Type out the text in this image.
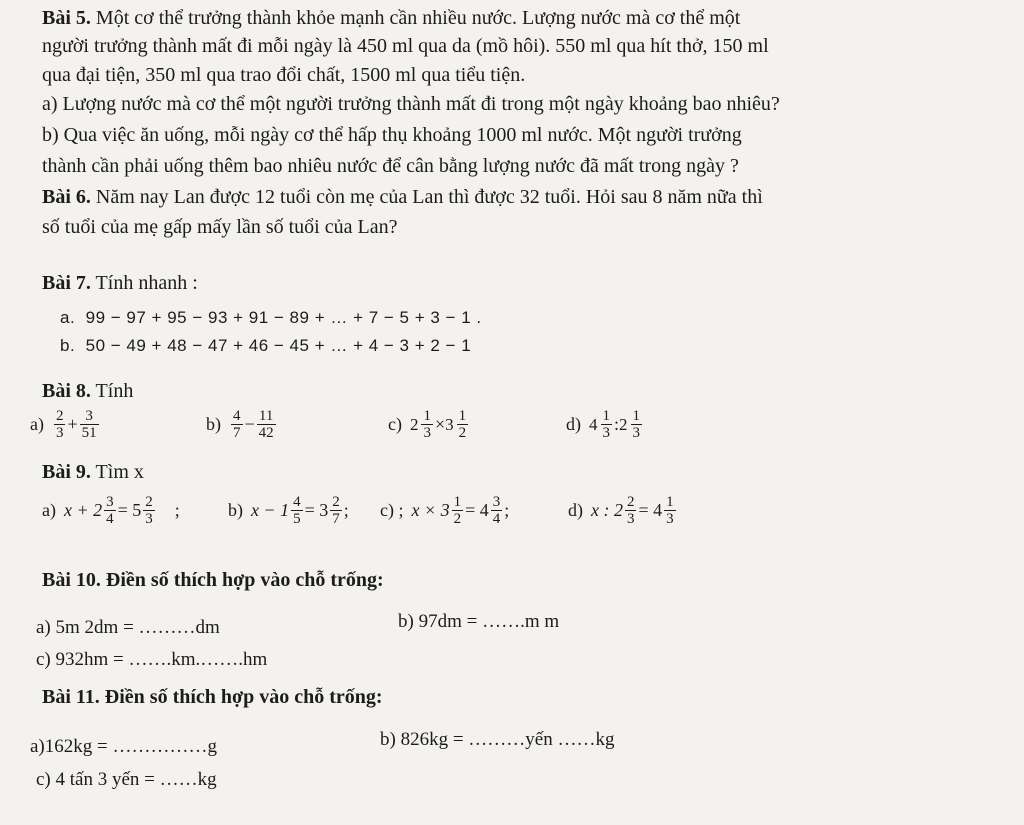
Bài 5. Một cơ thể trưởng thành khỏe mạnh cần nhiều nước. Lượng nước mà cơ thể một
người trưởng thành mất đi mỗi ngày là 450 ml qua da (mồ hôi). 550 ml qua hít thở, 150 ml
qua đại tiện, 350 ml qua trao đổi chất, 1500 ml qua tiểu tiện.
a) Lượng nước mà cơ thể một người trưởng thành mất đi trong một ngày khoảng bao nhiêu?
b) Qua việc ăn uống, mỗi ngày cơ thể hấp thụ khoảng 1000 ml nước. Một người trưởng
thành cần phải uống thêm bao nhiêu nước để cân bằng lượng nước đã mất trong ngày ?
Bài 6. Năm nay Lan được 12 tuổi còn mẹ của Lan thì được 32 tuổi. Hỏi sau 8 năm nữa thì
số tuổi của mẹ gấp mấy lần số tuổi của Lan?
Bài 7. Tính nhanh :
a. 99 − 97 + 95 − 93 + 91 − 89 + … + 7 − 5 + 3 − 1 .
b. 50 − 49 + 48 − 47 + 46 − 45 + … + 4 − 3 + 2 − 1
Bài 8. Tính
$a) \frac{2}{3} + \frac{3}{51}$	$b) \frac{4}{7} - \frac{11}{42}$	c) $2 \frac{1}{3} \times 3 \frac{1}{2}$	d) $4 \frac{1}{3}$ : $2 \frac{1}{3}$
Bài 9. Tìm x
a) $x + 2 \frac{3}{4} = 5 \frac{2}{3}$ ;	b) $x - 1 \frac{4}{5} = 3 \frac{2}{7}$ ; c) ; $x \times 3 \frac{1}{2} = 4 \frac{3}{4}$ ;	d) x : $2 \frac{2}{3} = 4 \frac{1}{3}$
Bài 10. Điền số thích hợp vào chỗ trống:
a) 5m 2dm = ………dm	b) 97dm = …….m m
c) 932hm = …….km.…….hm
Bài 11. Điền số thích hợp vào chỗ trống:
a)162kg = ……………g	b) 826kg = ………yến ……kg
c) 4 tấn 3 yến = ……kg
